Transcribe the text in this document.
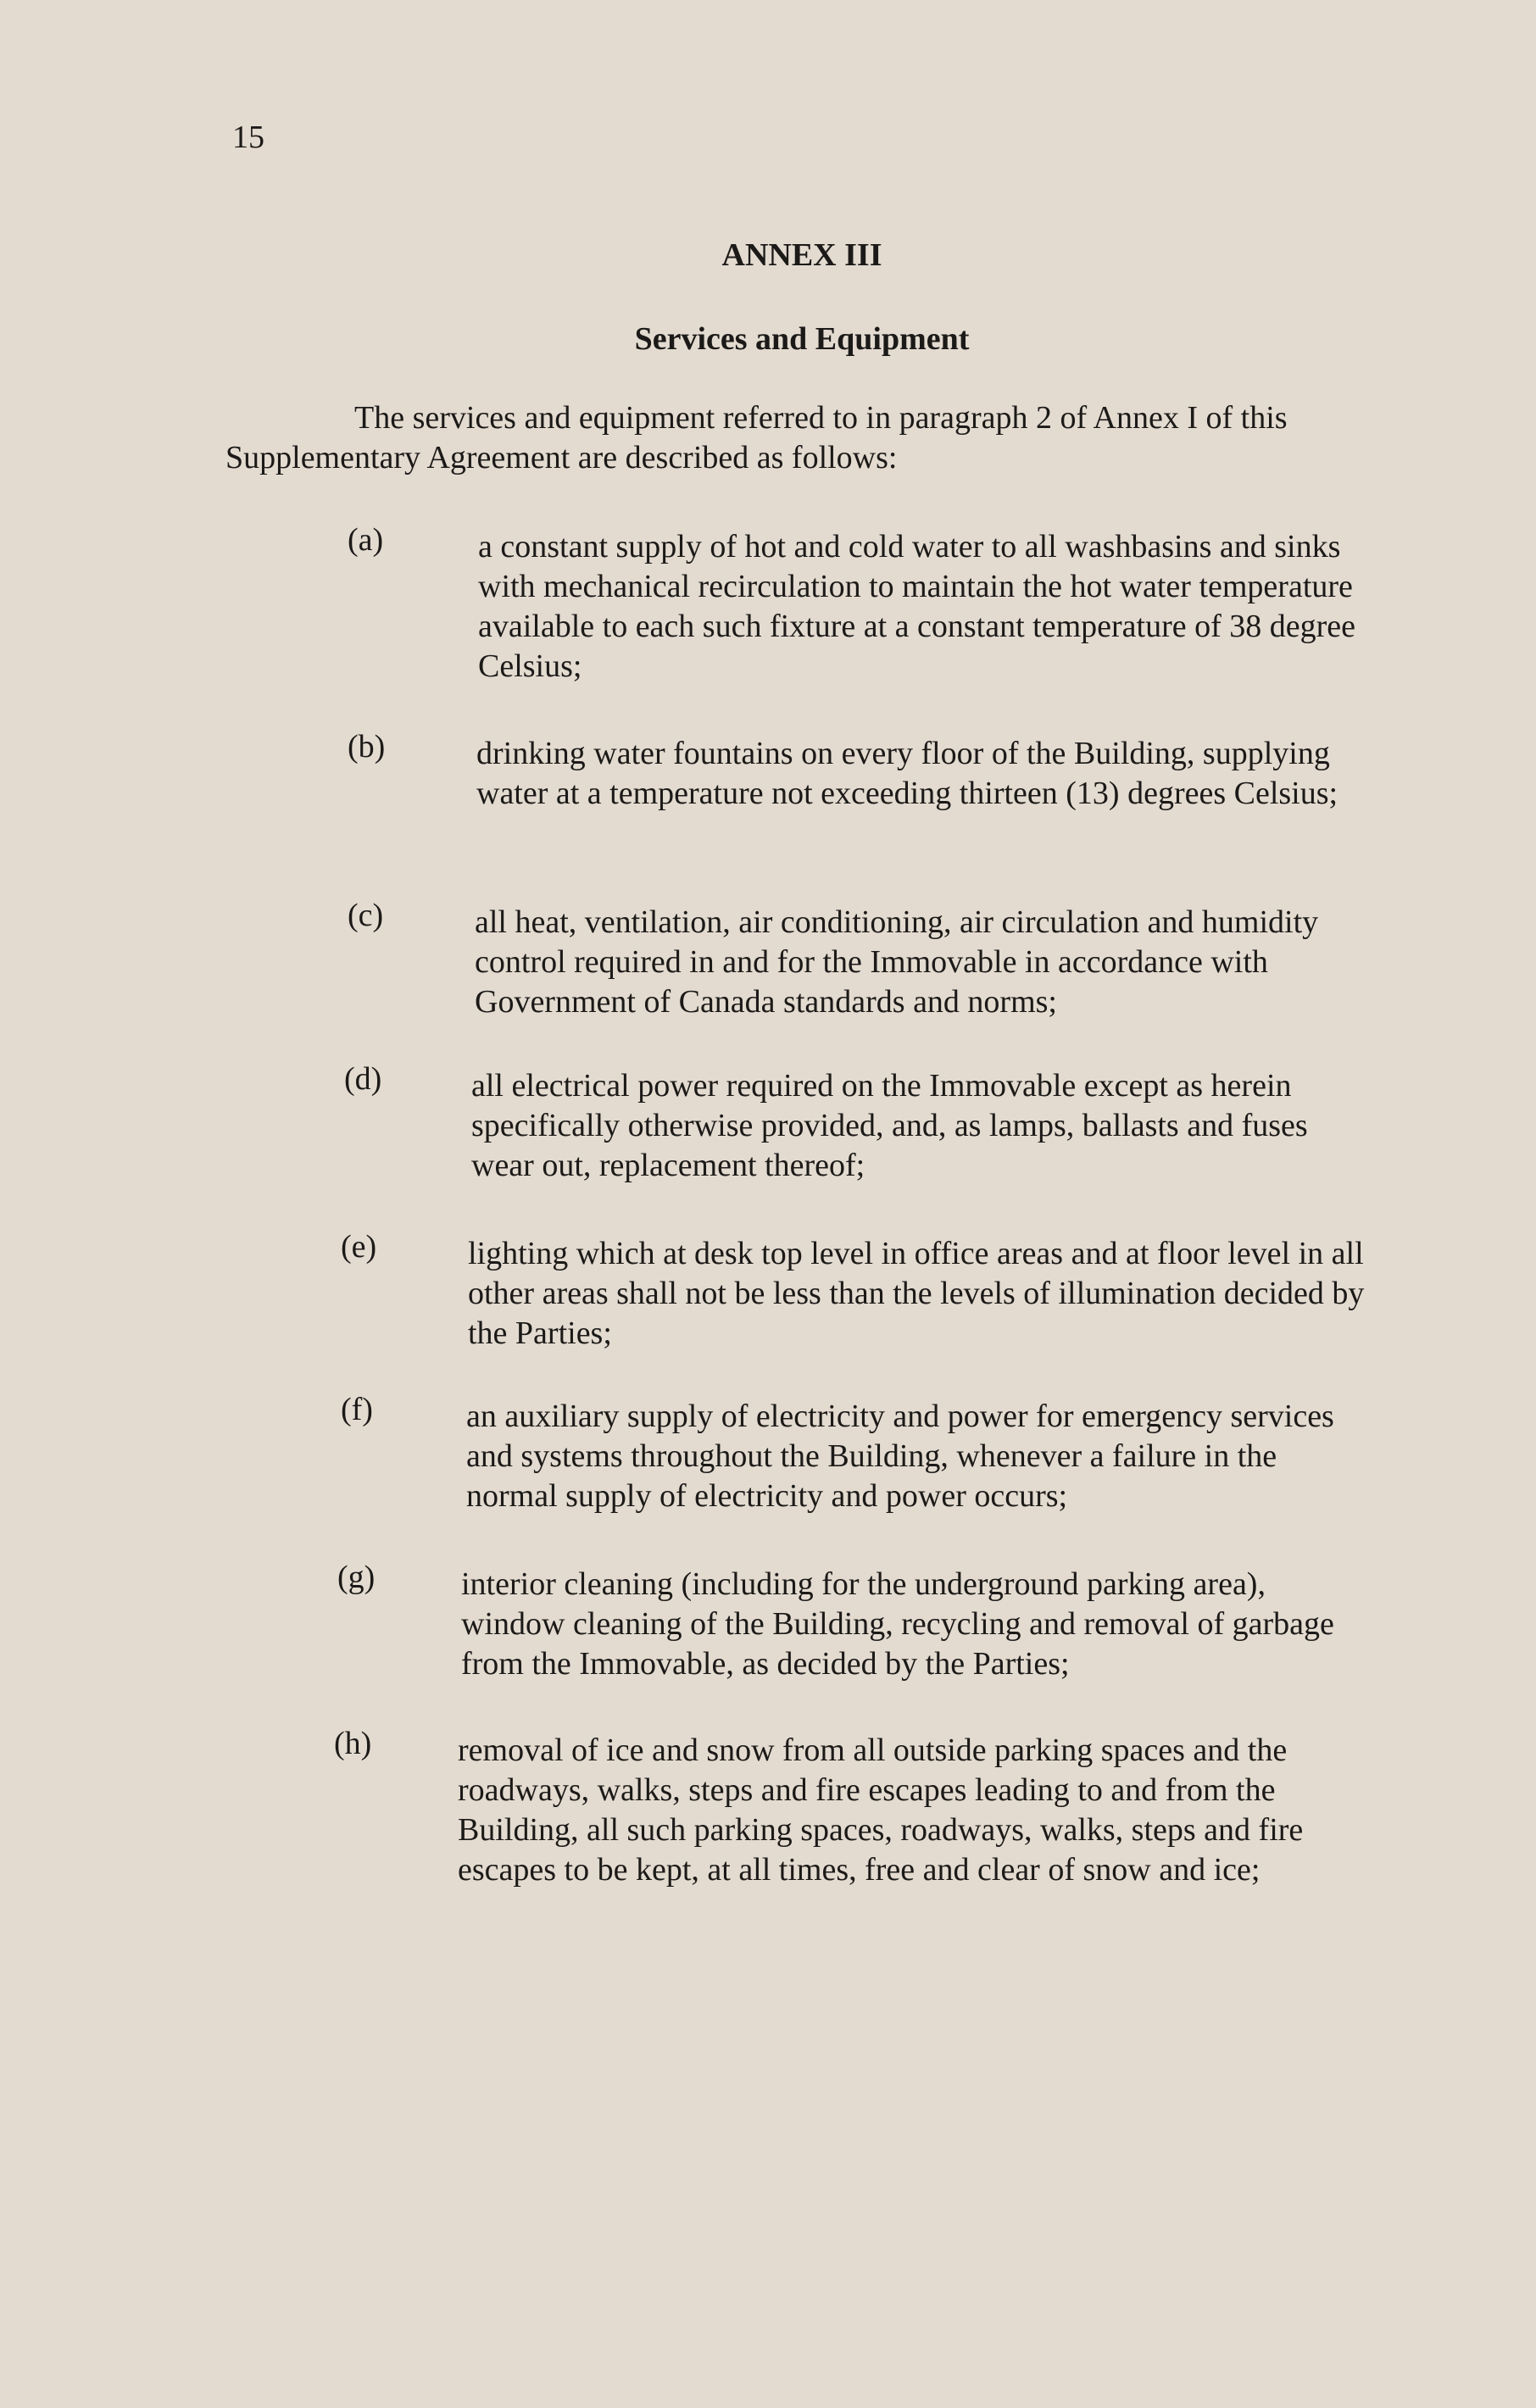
15
ANNEX III
Services and Equipment
The services and equipment referred to in paragraph 2 of Annex I of this Supplementary Agreement are described as follows:
(a)	a constant supply of hot and cold water to all washbasins and sinks with mechanical recirculation to maintain the hot water temperature available to each such fixture at a constant temperature of 38 degree Celsius;
(b)	drinking water fountains on every floor of the Building, supplying water at a temperature not exceeding thirteen (13) degrees Celsius;
(c)	all heat, ventilation, air conditioning, air circulation and humidity control required in and for the Immovable in accordance with Government of Canada standards and norms;
(d)	all electrical power required on the Immovable except as herein specifically otherwise provided, and, as lamps, ballasts and fuses wear out, replacement thereof;
(e)	lighting which at desk top level in office areas and at floor level in all other areas shall not be less than the levels of illumination decided by the Parties;
(f)	an auxiliary supply of electricity and power for emergency services and systems throughout the Building, whenever a failure in the normal supply of electricity and power occurs;
(g)	interior cleaning (including for the underground parking area), window cleaning of the Building, recycling and removal of garbage from the Immovable, as decided by the Parties;
(h)	removal of ice and snow from all outside parking spaces and the roadways, walks, steps and fire escapes leading to and from the Building, all such parking spaces, roadways, walks, steps and fire escapes to be kept, at all times, free and clear of snow and ice;
